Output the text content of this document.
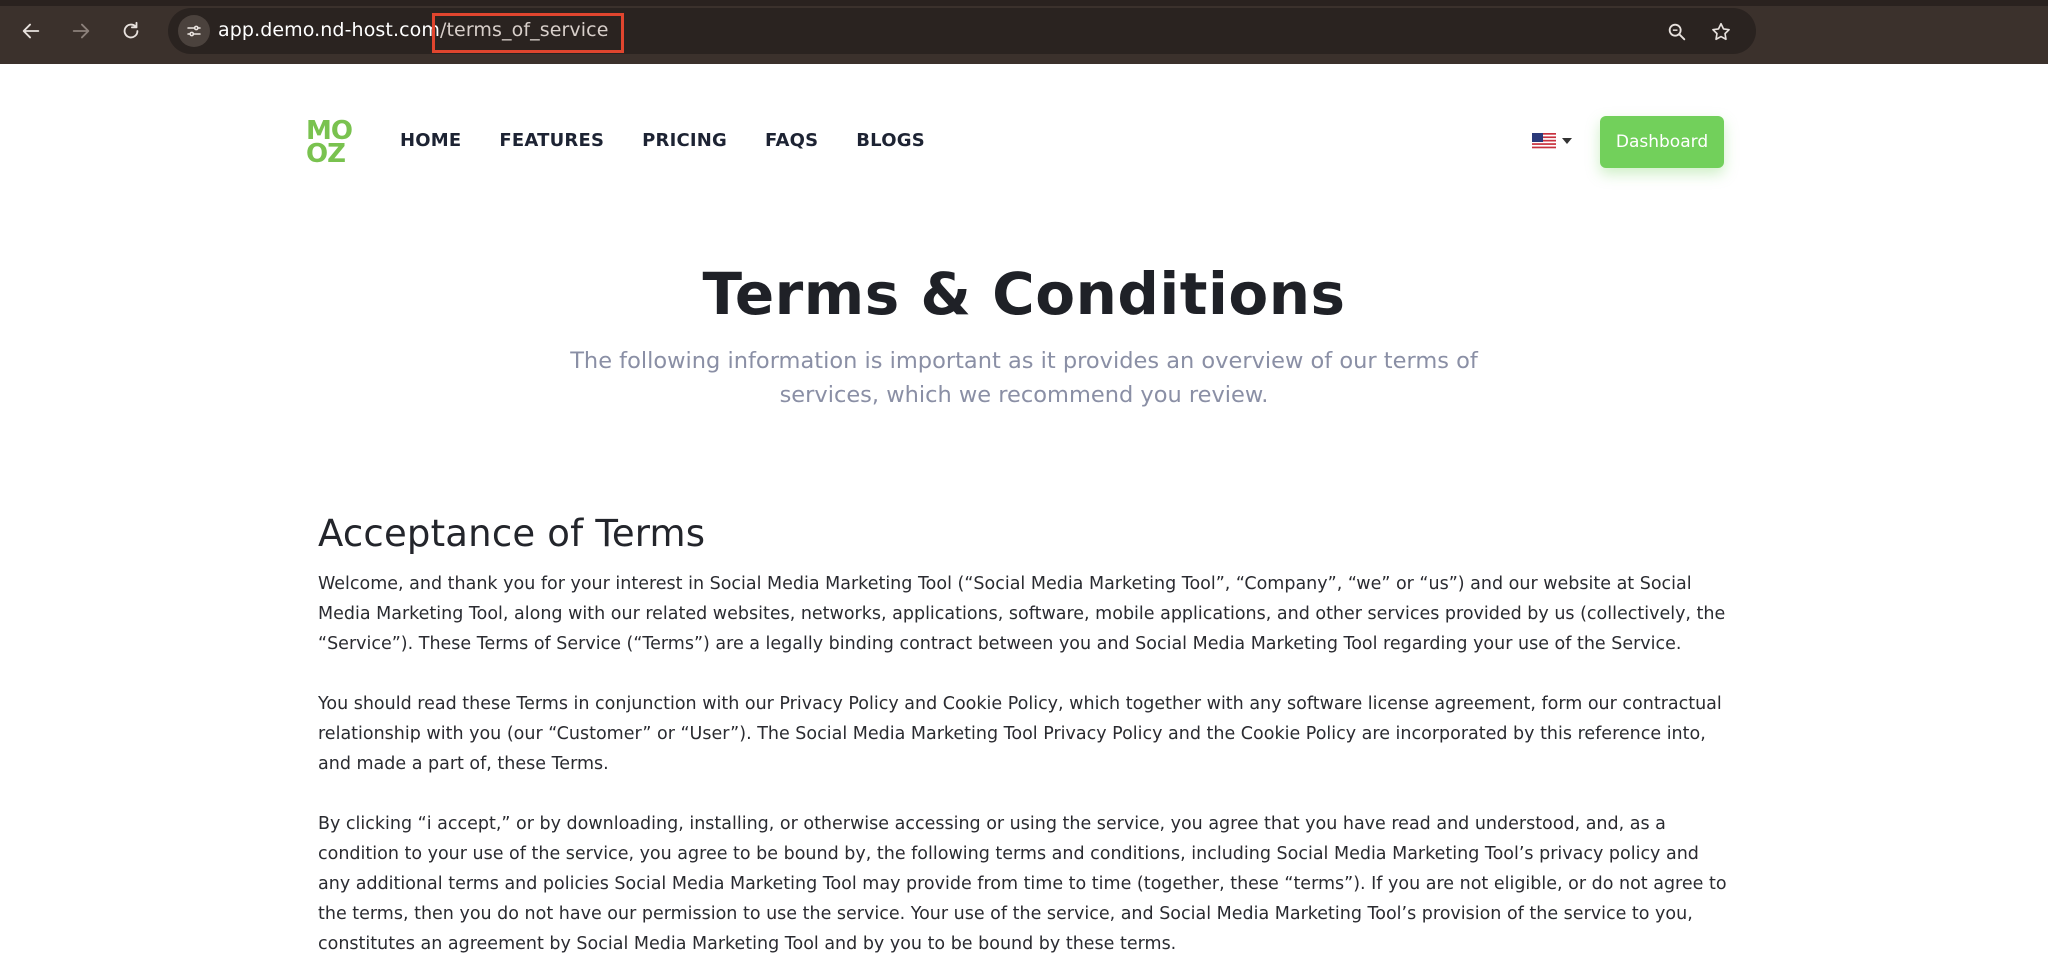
app.demo.nd-host.com/terms_of_service
MO
OZ	HOME FEATURES PRICING FAQS BLOGS	Dashboard
Terms & Conditions

The following information is important as it provides an overview of our terms of services, which we recommend you review.

Acceptance of Terms

Welcome, and thank you for your interest in Social Media Marketing Tool (“Social Media Marketing Tool”, “Company”, “we” or “us”) and our website at Social Media Marketing Tool, along with our related websites, networks, applications, software, mobile applications, and other services provided by us (collectively, the “Service”). These Terms of Service (“Terms”) are a legally binding contract between you and Social Media Marketing Tool regarding your use of the Service.

You should read these Terms in conjunction with our Privacy Policy and Cookie Policy, which together with any software license agreement, form our contractual relationship with you (our “Customer” or “User”). The Social Media Marketing Tool Privacy Policy and the Cookie Policy are incorporated by this reference into, and made a part of, these Terms.

By clicking “i accept,” or by downloading, installing, or otherwise accessing or using the service, you agree that you have read and understood, and, as a condition to your use of the service, you agree to be bound by, the following terms and conditions, including Social Media Marketing Tool’s privacy policy and any additional terms and policies Social Media Marketing Tool may provide from time to time (together, these “terms”). If you are not eligible, or do not agree to the terms, then you do not have our permission to use the service. Your use of the service, and Social Media Marketing Tool’s provision of the service to you, constitutes an agreement by Social Media Marketing Tool and by you to be bound by these terms.
